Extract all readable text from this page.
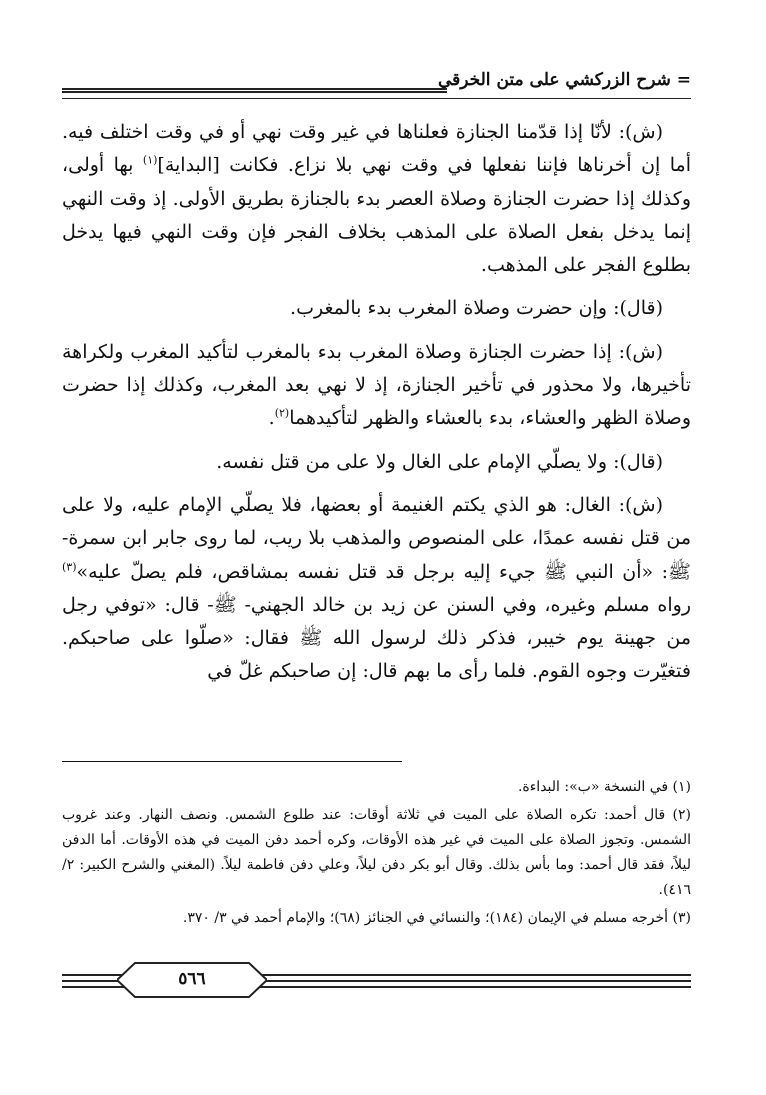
= شرح الزركشي على متن الخرقي

(ش): لأنّا إذا قدّمنا الجنازة فعلناها في غير وقت نهي أو في وقت اختلف فيه. أما إن أخرناها فإننا نفعلها في وقت نهي بلا نزاع. فكانت [البداية]$^{(١)}$ بها أولى، وكذلك إذا حضرت الجنازة وصلاة العصر بدء بالجنازة بطريق الأولى. إذ وقت النهي إنما يدخل بفعل الصلاة على المذهب بخلاف الفجر فإن وقت النهي فيها يدخل بطلوع الفجر على المذهب.

(قال): وإن حضرت وصلاة المغرب بدء بالمغرب.

(ش): إذا حضرت الجنازة وصلاة المغرب بدء بالمغرب لتأكيد المغرب ولكراهة تأخيرها، ولا محذور في تأخير الجنازة، إذ لا نهي بعد المغرب، وكذلك إذا حضرت وصلاة الظهر والعشاء، بدء بالعشاء والظهر لتأكيدهما$^{(٢)}$.

(قال): ولا يصلّي الإمام على الغال ولا على من قتل نفسه.

(ش): الغال: هو الذي يكتم الغنيمة أو بعضها، فلا يصلّي الإمام عليه، ولا على من قتل نفسه عمدًا، على المنصوص والمذهب بلا ريب، لما روى جابر ابن سمرة- ﷺ: «أن النبي ﷺ جيء إليه برجل قد قتل نفسه بمشاقص، فلم يصلّ عليه»$^{(٣)}$ رواه مسلم وغيره، وفي السنن عن زيد بن خالد الجهني- ﷺ- قال: «توفي رجل من جهينة يوم خيبر، فذكر ذلك لرسول الله ﷺ فقال: «صلّوا على صاحبكم. فتغيّرت وجوه القوم. فلما رأى ما بهم قال: إن صاحبكم غلّ في

(١) في النسخة «ب»: البداءة.

(٢) قال أحمد: تكره الصلاة على الميت في ثلاثة أوقات: عند طلوع الشمس. ونصف النهار. وعند غروب الشمس. وتجوز الصلاة على الميت في غير هذه الأوقات، وكره أحمد دفن الميت في هذه الأوقات. أما الدفن ليلاً، فقد قال أحمد: وما بأس بذلك. وقال أبو بكر دفن ليلاً، وعلي دفن فاطمة ليلاً. (المغني والشرح الكبير: ٢/ ٤١٦).

(٣) أخرجه مسلم في الإيمان (١٨٤)؛ والنسائي في الجنائز (٦٨)؛ والإمام أحمد في ٣/ ٣٧٠.

٥٦٦
